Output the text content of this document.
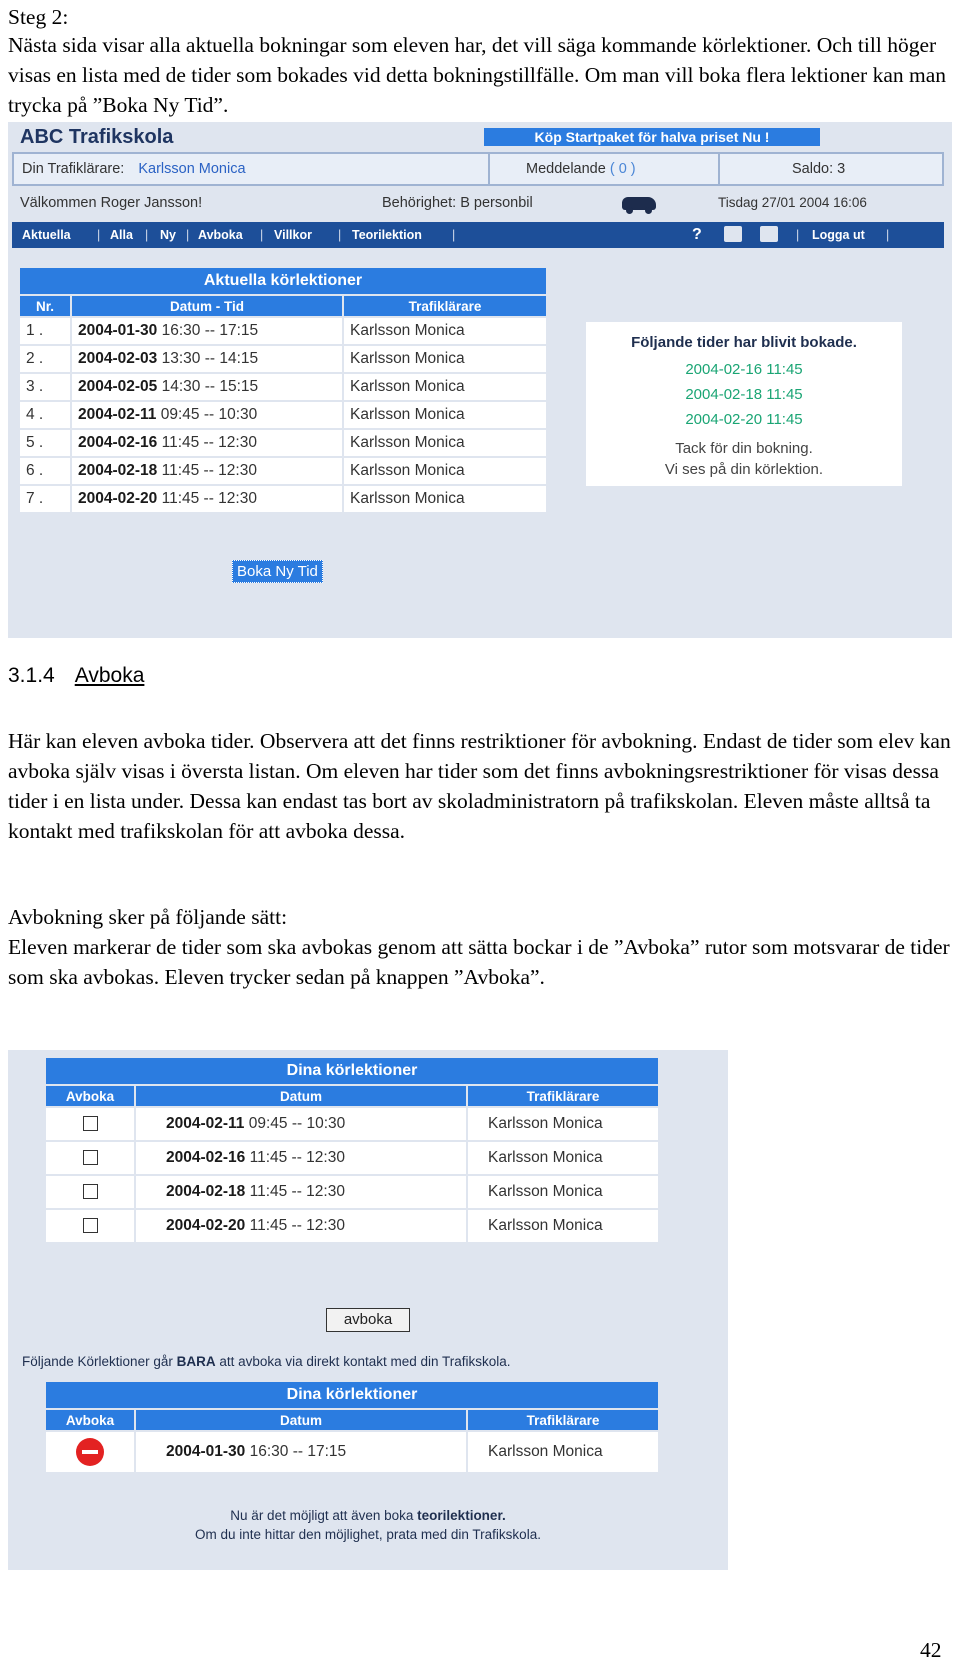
Steg 2:

Nästa sida visar alla aktuella bokningar som eleven har, det vill säga kommande körlektioner. Och till höger visas en lista med de tider som bokades vid detta bokningstillfälle. Om man vill boka flera lektioner kan man trycka på ”Boka Ny Tid”.

ABC Trafikskola	Köp Startpaket för halva priset Nu !
Din Trafiklärare: Karlsson Monica	Meddelande ( 0 )	Saldo: 3
Välkommen Roger Jansson!	Behörighet: B personbil	Tisdag 27/01 2004 16:06
Aktuella | Alla | Ny | Avboka | Villkor | Teorilektion |	?	| Logga ut |
Aktuella körlektioner		
Nr.	Datum - Tid	Trafiklärare
1 .	2004-01-30 16:30 -- 17:15	Karlsson Monica
2 .	2004-02-03 13:30 -- 14:15	Karlsson Monica
3 .	2004-02-05 14:30 -- 15:15	Karlsson Monica
4 .	2004-02-11 09:45 -- 10:30	Karlsson Monica
5 .	2004-02-16 11:45 -- 12:30	Karlsson Monica
6 .	2004-02-18 11:45 -- 12:30	Karlsson Monica
7 .	2004-02-20 11:45 -- 12:30	Karlsson Monica
Följande tider har blivit bokade.
2004-02-16 11:45
2004-02-18 11:45
2004-02-20 11:45
Tack för din bokning.
Vi ses på din körlektion.
Boka Ny Tid
3.1.4 Avboka

Här kan eleven avboka tider. Observera att det finns restriktioner för avbokning. Endast de tider som elev kan avboka själv visas i översta listan. Om eleven har tider som det finns avbokningsrestriktioner för visas dessa tider i en lista under. Dessa kan endast tas bort av skoladministratorn på trafikskolan. Eleven måste alltså ta kontakt med trafikskolan för att avboka dessa.

Avbokning sker på följande sätt:

Eleven markerar de tider som ska avbokas genom att sätta bockar i de ”Avboka” rutor som motsvarar de tider som ska avbokas. Eleven trycker sedan på knappen ”Avboka”.

Dina körlektioner		
Avboka	Datum	Trafiklärare
	2004-02-11 09:45 -- 10:30	Karlsson Monica
	2004-02-16 11:45 -- 12:30	Karlsson Monica
	2004-02-18 11:45 -- 12:30	Karlsson Monica
	2004-02-20 11:45 -- 12:30	Karlsson Monica
avboka
Följande Körlektioner går BARA att avboka via direkt kontakt med din Trafikskola.
Dina körlektioner		
Avboka	Datum	Trafiklärare
	2004-01-30 16:30 -- 17:15	Karlsson Monica
Nu är det möjligt att även boka teorilektioner.
Om du inte hittar den möjlighet, prata med din Trafikskola.
42
